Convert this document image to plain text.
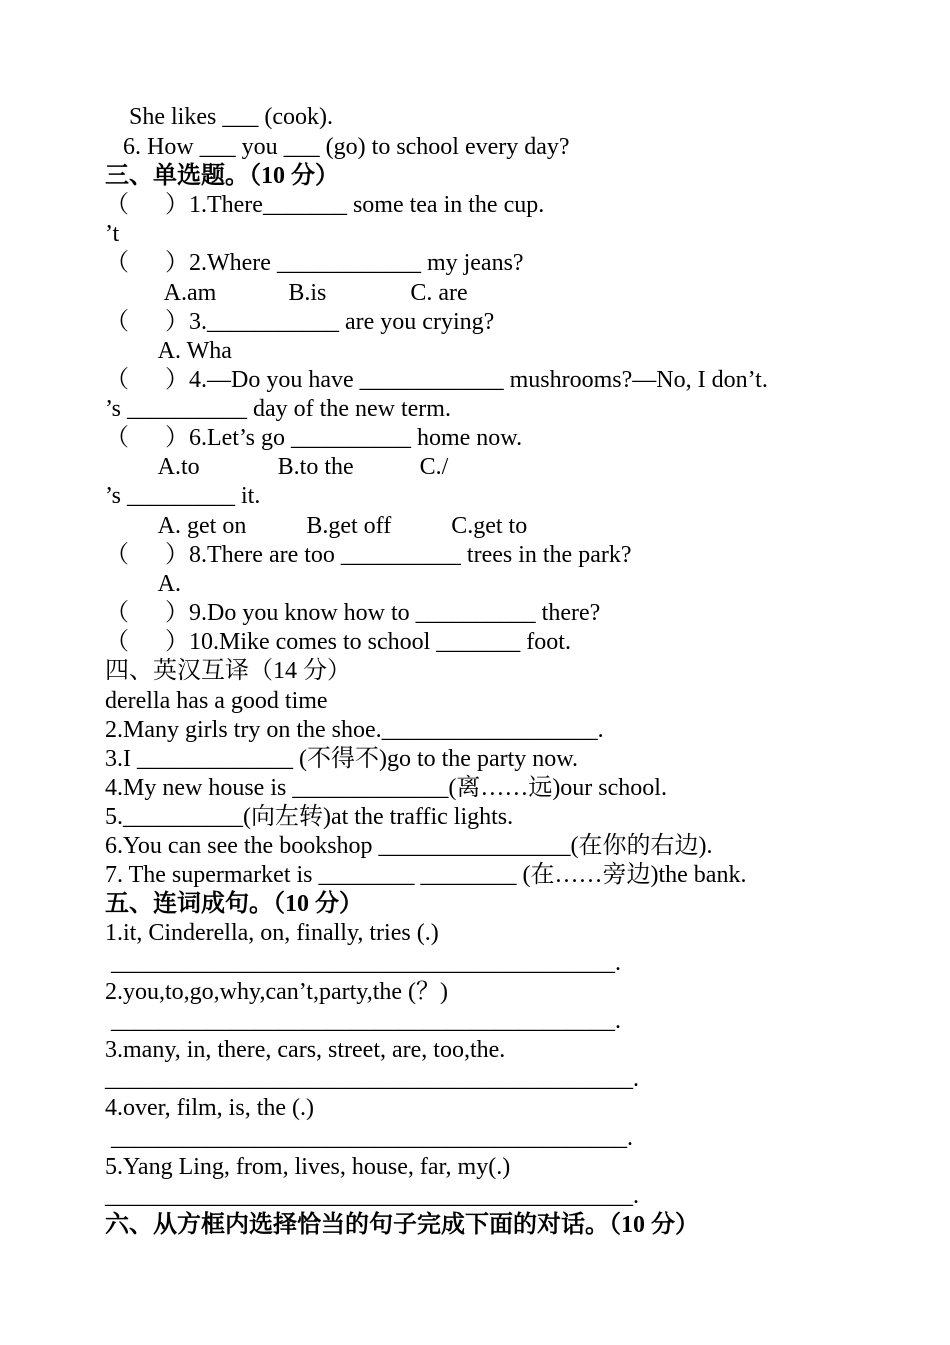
She likes ___ (cook).
6. How ___ you ___ (go) to school every day?
三、单选题。（10 分）
（      ）1.There_______ some tea in the cup.
’t
（      ）2.Where ____________ my jeans?
A.am            B.is              C. are
（      ）3.___________ are you crying?
A. Wha
（      ）4.—Do you have ____________ mushrooms?—No, I don’t.
’s __________ day of the new term.
（      ）6.Let’s go __________ home now.
A.to             B.to the           C./
’s _________ it.
A. get on          B.get off          C.get to
（      ）8.There are too __________ trees in the park?
A.
（      ）9.Do you know how to __________ there?
（      ）10.Mike comes to school _______ foot.
四、英汉互译（14 分）
derella has a good time
2.Many girls try on the shoe.__________________.
3.I _____________ (不得不)go to the party now.
4.My new house is _____________(离……远)our school.
5.__________(向左转)at the traffic lights.
6.You can see the bookshop ________________(在你的右边).
7. The supermarket is ________ ________ (在……旁边)the bank.
五、连词成句。（10 分）
1.it, Cinderella, on, finally, tries (.)
__________________________________________.
2.you,to,go,why,can’t,party,the (？)
__________________________________________.
3.many, in, there, cars, street, are, too,the.
____________________________________________.
4.over, film, is, the (.)
___________________________________________.
5.Yang Ling, from, lives, house, far, my(.)
____________________________________________.
六、从方框内选择恰当的句子完成下面的对话。（10 分）
